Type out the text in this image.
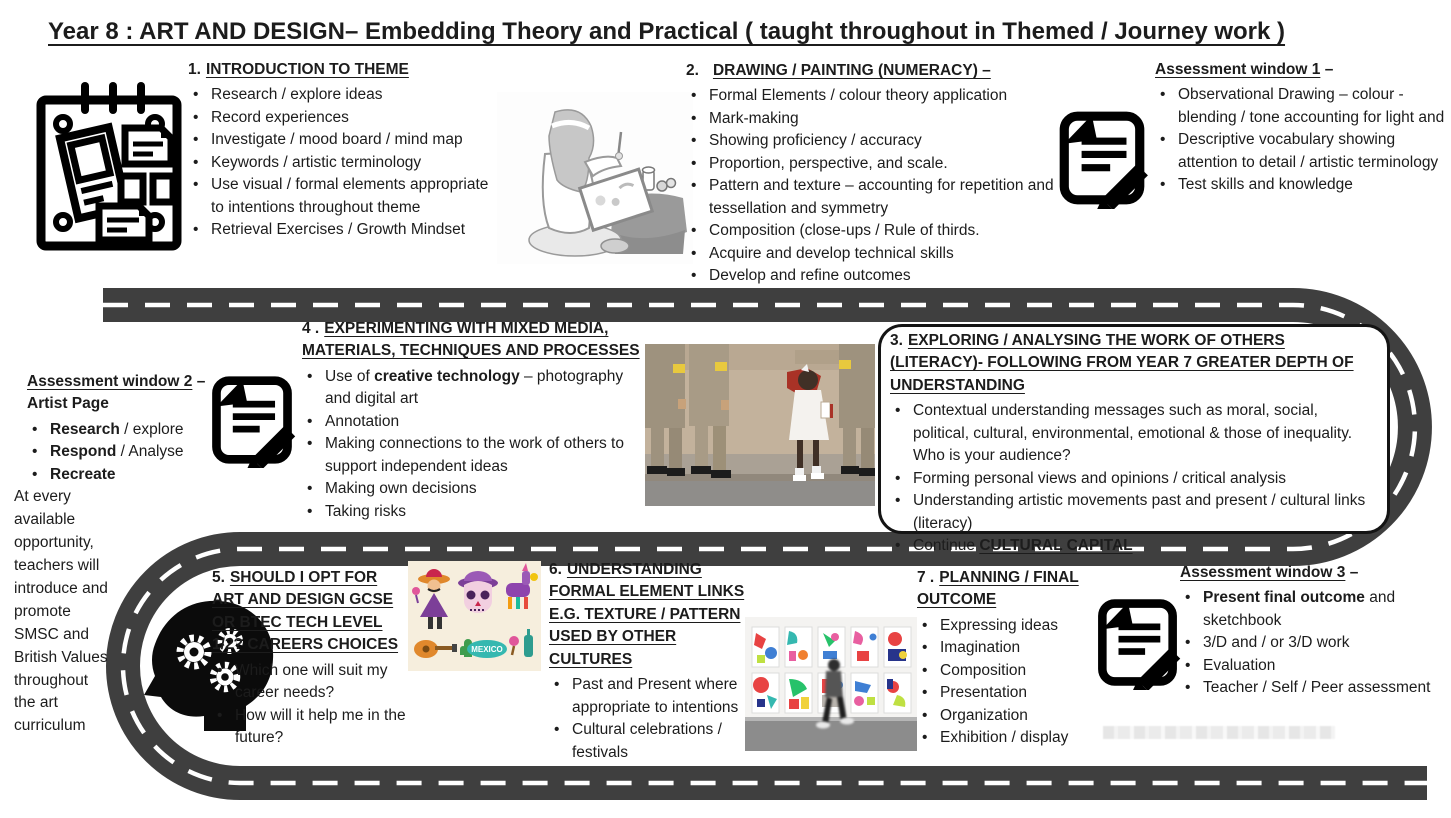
Year 8 : ART AND DESIGN– Embedding Theory and Practical ( taught throughout in Themed / Journey work )
1. INTRODUCTION TO THEME
• Research / explore ideas
• Record experiences
• Investigate / mood board / mind map
• Keywords / artistic terminology
• Use visual / formal elements appropriate to intentions throughout theme
• Retrieval Exercises / Growth Mindset
2. DRAWING / PAINTING (NUMERACY) –
• Formal Elements / colour theory application
• Mark-making
• Showing proficiency / accuracy
• Proportion, perspective, and scale.
• Pattern and texture – accounting for repetition and tessellation and symmetry
• Composition (close-ups / Rule of thirds.
• Acquire and develop technical skills
• Develop and refine outcomes
Assessment window 1 –
• Observational Drawing – colour - blending / tone accounting for light and
• Descriptive vocabulary showing attention to detail / artistic terminology
• Test skills and knowledge
4 . EXPERIMENTING WITH MIXED MEDIA, MATERIALS, TECHNIQUES AND PROCESSES
• Use of creative technology – photography and digital art
• Annotation
• Making connections to the work of others to support independent ideas
• Making own decisions
• Taking risks
Assessment window 2 –
Artist Page
• Research / explore
• Respond / Analyse
• Recreate
At every available opportunity, teachers will introduce and promote SMSC and British Values throughout the art curriculum
3. EXPLORING / ANALYSING THE WORK OF OTHERS (LITERACY)- FOLLOWING FROM YEAR 7 GREATER DEPTH OF UNDERSTANDING
• Contextual understanding messages such as moral, social, political, cultural, environmental, emotional & those of inequality. Who is your audience?
• Forming personal views and opinions / critical analysis
• Understanding artistic movements past and present / cultural links (literacy)
• Continue CULTURAL CAPITAL
5. SHOULD I OPT FOR ART AND DESIGN GCSE OR BTEC TECH LEVEL 1/2? CAREERS CHOICES
• Which one will suit my career needs?
• How will it help me in the future?
MEXICO
6. UNDERSTANDING FORMAL ELEMENT LINKS E.G. TEXTURE / PATTERN USED BY OTHER CULTURES
• Past and Present where appropriate to intentions
• Cultural celebrations / festivals
7 . PLANNING / FINAL OUTCOME
• Expressing ideas
• Imagination
• Composition
• Presentation
• Organization
• Exhibition / display
Assessment window 3 –
• Present final outcome and sketchbook
• 3/D and / or 3/D work
• Evaluation
• Teacher / Self / Peer assessment
